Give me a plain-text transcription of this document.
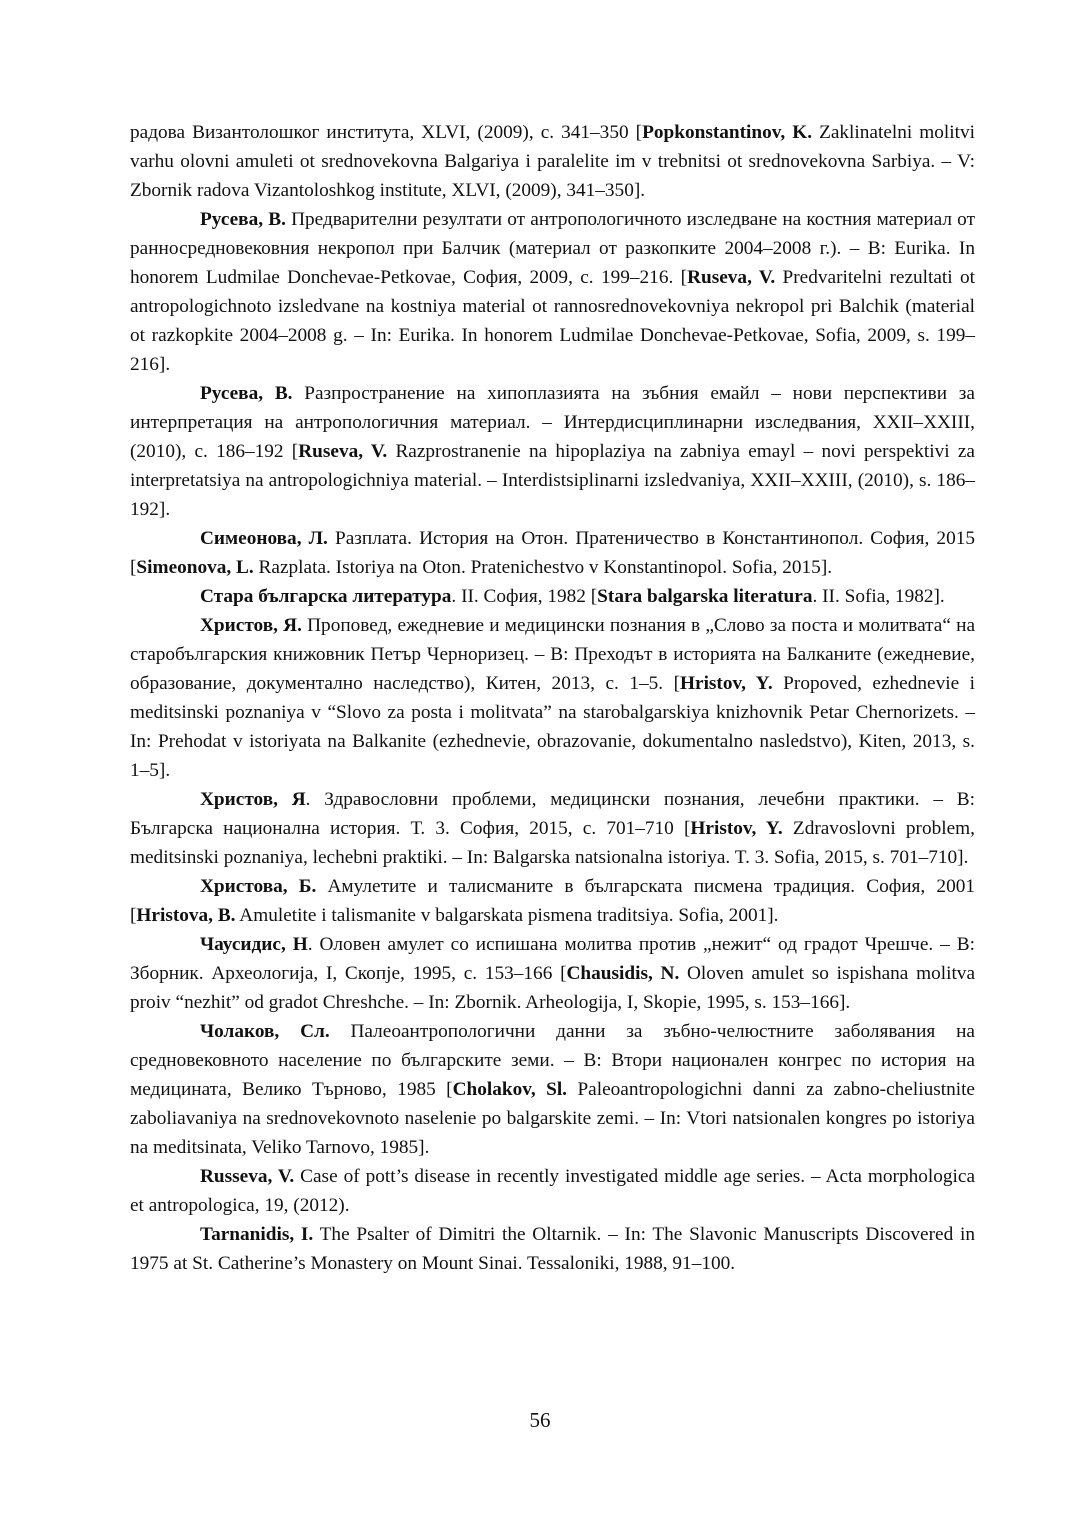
радова Византолошког института, XLVI, (2009), с. 341–350 [Popkonstantinov, K. Zaklinatelni molitvi varhu olovni amuleti ot srednovekovna Balgariya i paralelite im v trebnitsi ot srednovekovna Sarbiya. – V: Zbornik radova Vizantoloshkog institute, XLVI, (2009), 341–350].

Русева, В. Предварителни резултати от антропологичното изследване на костния материал от ранносредновековния некропол при Балчик (материал от разкопките 2004–2008 г.). – В: Eurika. In honorem Ludmilae Donchevae-Petkovae, София, 2009, с. 199–216. [Ruseva, V. Predvaritelni rezultati ot antropologichnoto izsledvane na kostniya material ot rannosrednovekovniya nekropol pri Balchik (material ot razkopkite 2004–2008 g. – In: Eurika. In honorem Ludmilae Donchevae-Petkovae, Sofia, 2009, s. 199–216].

Русева, В. Разпространение на хипоплазията на зъбния емайл – нови перспективи за интерпретация на антропологичния материал. – Интердисциплинарни изследвания, XXII–XXIII, (2010), с. 186–192 [Ruseva, V. Razprostranenie na hipoplaziya na zabniya emayl – novi perspektivi za interpretatsiya na antropologichniya material. – Interdistsiplinarni izsledvaniya, XXII–XXIII, (2010), s. 186–192].

Симеонова, Л. Разплата. История на Отон. Пратеничество в Константинопол. София, 2015 [Simeonova, L. Razplata. Istoriya na Oton. Pratenichestvo v Konstantinopol. Sofia, 2015].

Стара българска литература. II. София, 1982 [Stara balgarska literatura. II. Sofia, 1982].

Христов, Я. Проповед, ежедневие и медицински познания в „Слово за поста и молитвата“ на старобългарския книжовник Петър Черноризец. – В: Преходът в историята на Балканите (ежедневие, образование, документално наследство), Китен, 2013, с. 1–5. [Hristov, Y. Propoved, ezhednevie i meditsinski poznaniya v “Slovo za posta i molitvata” na starobalgarskiya knizhovnik Petar Chernorizets. – In: Prehodat v istoriyata na Balkanite (ezhednevie, obrazovanie, dokumentalno nasledstvo), Kiten, 2013, s. 1–5].

Христов, Я. Здравословни проблеми, медицински познания, лечебни практики. – В: Българска национална история. Т. 3. София, 2015, с. 701–710 [Hristov, Y. Zdravoslovni problem, meditsinski poznaniya, lechebni praktiki. – In: Balgarska natsionalna istoriya. T. 3. Sofia, 2015, s. 701–710].

Христова, Б. Амулетите и талисманите в българската писмена традиция. София, 2001 [Hristova, B. Amuletite i talismanite v balgarskata pismena traditsiya. Sofia, 2001].

Чаусидис, Н. Оловен амулет со испишана молитва против „нежит“ од градот Чрешче. – В: Зборник. Археологија, I, Скопје, 1995, с. 153–166 [Chausidis, N. Oloven amulet so ispishana molitva proiv “nezhit” od gradot Chreshche. – In: Zbornik. Arheologija, I, Skopie, 1995, s. 153–166].

Чолаков, Сл. Палеоантропологични данни за зъбно-челюстните заболявания на средновековното население по българските земи. – В: Втори национален конгрес по история на медицината, Велико Търново, 1985 [Cholakov, Sl. Paleoantropologichni danni za zabno-cheliustnite zaboliavaniya na srednovekovnoto naselenie po balgarskite zemi. – In: Vtori natsionalen kongres po istoriya na meditsinata, Veliko Tarnovo, 1985].

Russeva, V. Case of pott’s disease in recently investigated middle age series. – Acta morphologica et antropologica, 19, (2012).

Tarnanidis, I. The Psalter of Dimitri the Oltarnik. – In: The Slavonic Manuscripts Discovered in 1975 at St. Catherine’s Monastery on Mount Sinai. Tessaloniki, 1988, 91–100.

56
